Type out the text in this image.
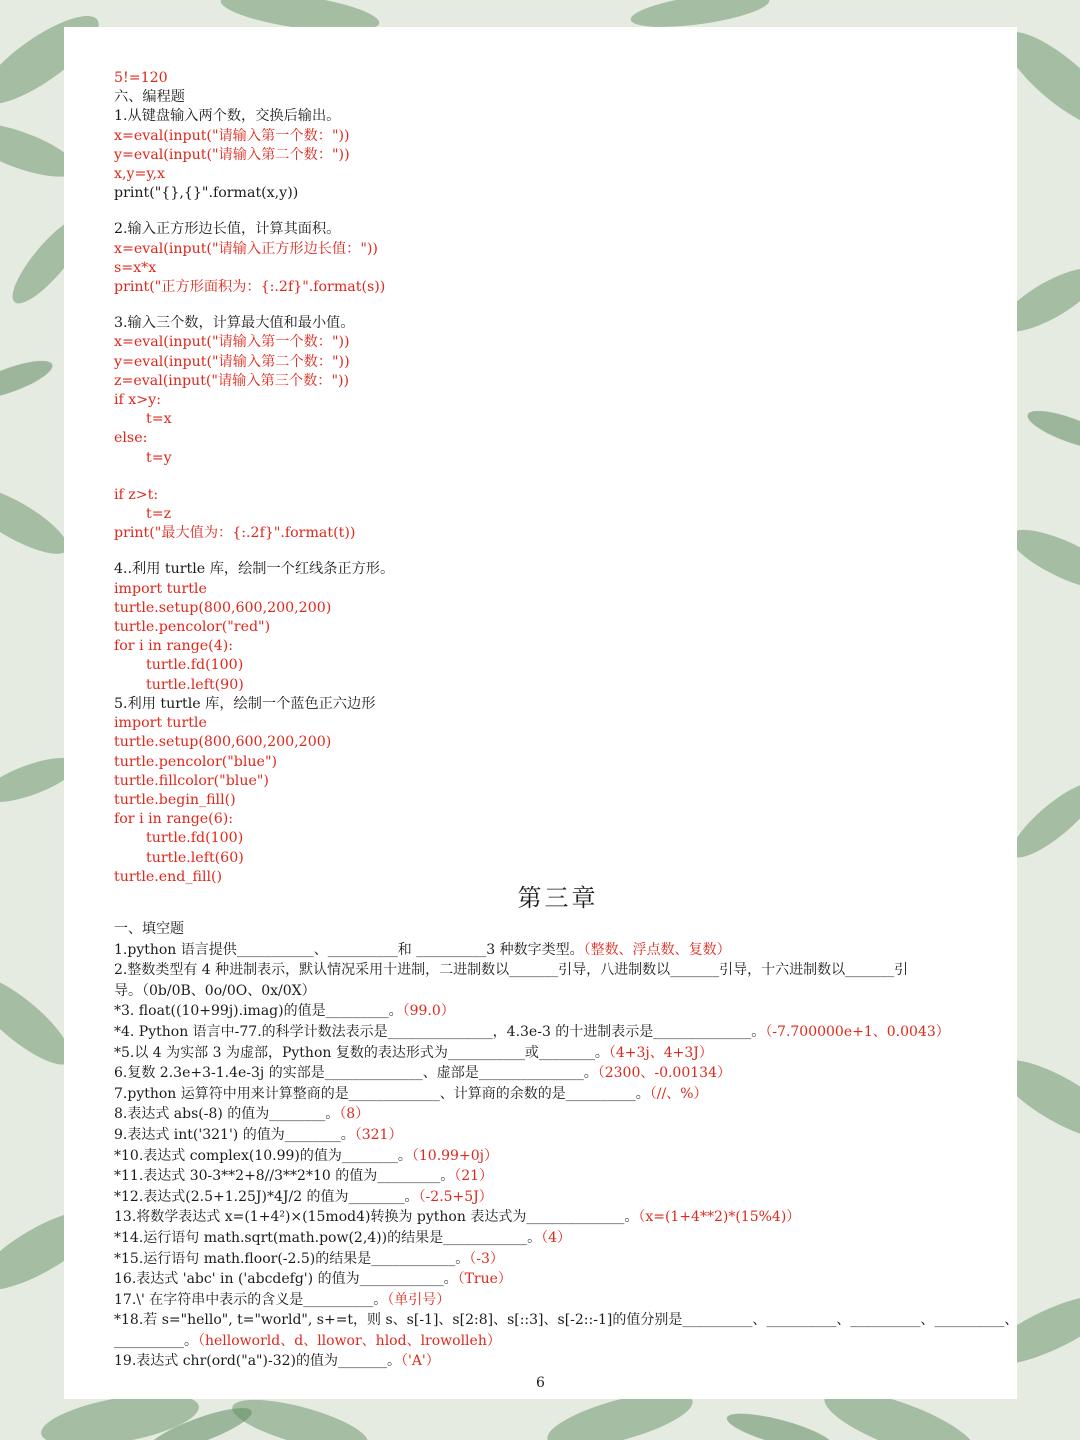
5!=120
六、编程题
1.从键盘输入两个数，交换后输出。
x=eval(input("请输入第一个数："))
y=eval(input("请输入第二个数："))
x,y=y,x
print("{},{}".format(x,y))
2.输入正方形边长值，计算其面积。
x=eval(input("请输入正方形边长值："))
s=x*x
print("正方形面积为：{:.2f}".format(s))
3.输入三个数，计算最大值和最小值。
x=eval(input("请输入第一个数："))
y=eval(input("请输入第二个数："))
z=eval(input("请输入第三个数："))
if x>y:
t=x
else:
t=y
if z>t:
t=z
print("最大值为：{:.2f}".format(t))
4..利用 turtle 库，绘制一个红线条正方形。
import turtle
turtle.setup(800,600,200,200)
turtle.pencolor("red")
for i in range(4):
turtle.fd(100)
turtle.left(90)
5.利用 turtle 库，绘制一个蓝色正六边形
import turtle
turtle.setup(800,600,200,200)
turtle.pencolor("blue")
turtle.fillcolor("blue")
turtle.begin_fill()
for i in range(6):
turtle.fd(100)
turtle.left(60)
turtle.end_fill()
第三章
一、填空题
1.python 语言提供___________、__________和 __________3 种数字类型。（整数、浮点数、复数）
2.整数类型有 4 种进制表示，默认情况采用十进制，二进制数以_______引导，八进制数以_______引导，十六进制数以_______引
导。（0b/0B、0o/0O、0x/0X）
*3. float((10+99j).imag)的值是_________。（99.0）
*4. Python 语言中-77.的科学计数法表示是_______________，4.3e-3 的十进制表示是______________。（-7.700000e+1、0.0043）
*5.以 4 为实部 3 为虚部，Python 复数的表达形式为___________或________。（4+3j、4+3J）
6.复数 2.3e+3-1.4e-3j 的实部是______________、虚部是_______________。（2300、-0.00134）
7.python 运算符中用来计算整商的是_____________、计算商的余数的是__________。（//、%）
8.表达式 abs(-8) 的值为________。（8）
9.表达式 int('321') 的值为________。（321）
*10.表达式 complex(10.99)的值为________。（10.99+0j）
*11.表达式 30-3**2+8//3**2*10 的值为_________。（21）
*12.表达式(2.5+1.25J)*4J/2 的值为________。（-2.5+5J）
13.将数学表达式 x=(1+4²)×(15mod4)转换为 python 表达式为______________。（x=(1+4**2)*(15%4)）
*14.运行语句 math.sqrt(math.pow(2,4))的结果是____________。（4）
*15.运行语句 math.floor(-2.5)的结果是____________。（-3）
16.表达式 'abc' in ('abcdefg') 的值为____________。（True）
17.\' 在字符串中表示的含义是__________。（单引号）
*18.若 s="hello", t="world", s+=t，则 s、s[-1]、s[2:8]、s[::3]、s[-2::-1]的值分别是__________、__________、__________、__________、
__________。（helloworld、d、llowor、hlod、lrowolleh）
19.表达式 chr(ord("a")-32)的值为_______。（'A'）
6
